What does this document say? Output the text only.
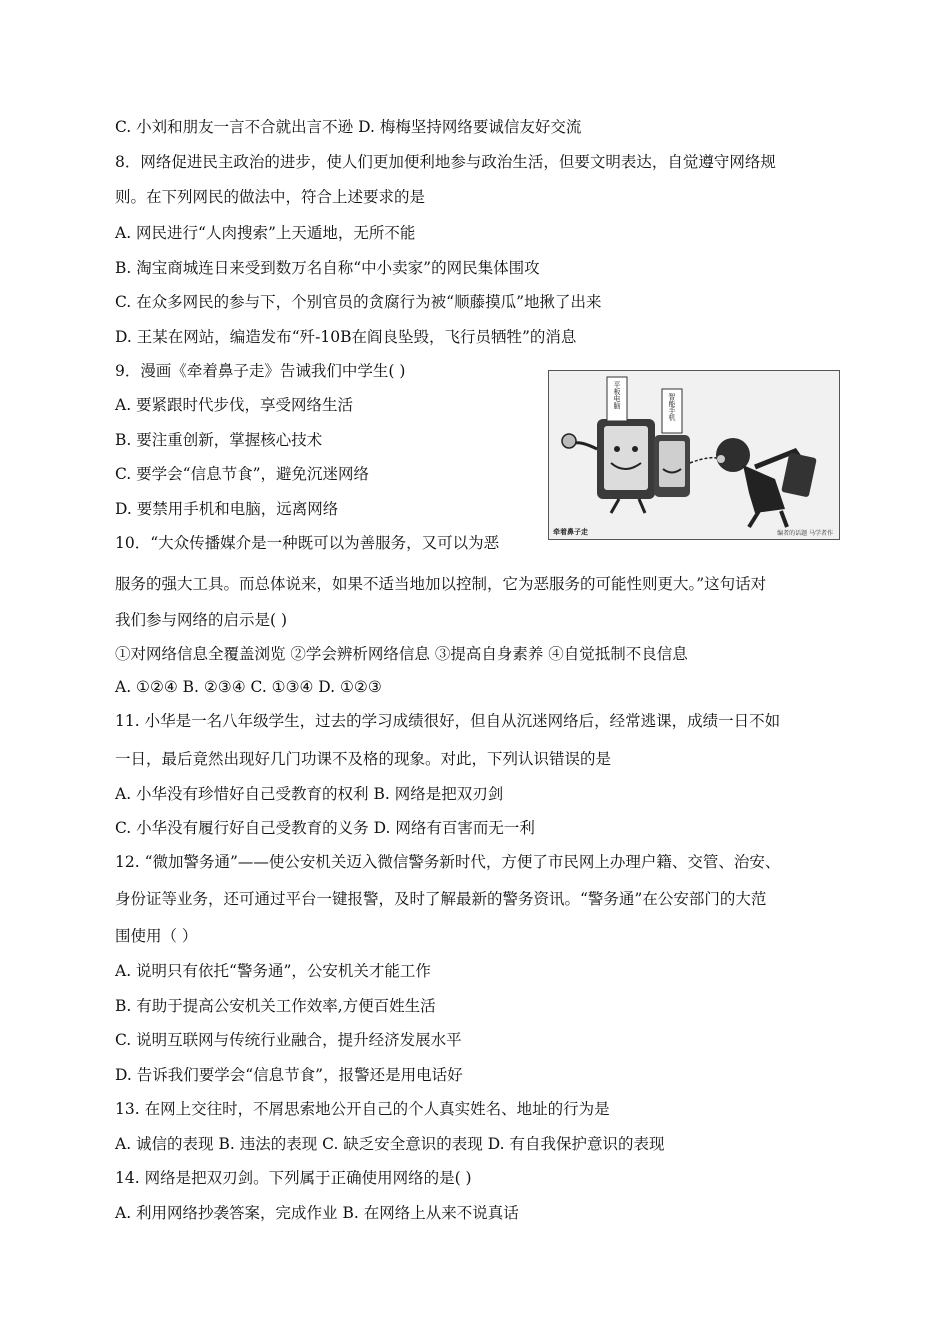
C. 小刘和朋友一言不合就出言不逊 D. 梅梅坚持网络要诚信友好交流
8．网络促进民主政治的进步，使人们更加便利地参与政治生活，但要文明表达，自觉遵守网络规
则。在下列网民的做法中，符合上述要求的是
A. 网民进行“人肉搜索”上天遁地，无所不能
B. 淘宝商城连日来受到数万名自称“中小卖家”的网民集体围攻
C. 在众多网民的参与下，个别官员的贪腐行为被“顺藤摸瓜”地揪了出来
D. 王某在网站，编造发布“歼-10B在阎良坠毁，飞行员牺牲”的消息
9．漫画《牵着鼻子走》告诫我们中学生( )
A. 要紧跟时代步伐，享受网络生活
B. 要注重创新，掌握核心技术
C. 要学会“信息节食”，避免沉迷网络
D. 要禁用手机和电脑，远离网络
10．“大众传播媒介是一种既可以为善服务，又可以为恶
服务的强大工具。而总体说来，如果不适当地加以控制，它为恶服务的可能性则更大。”这句话对
我们参与网络的启示是( )
①对网络信息全覆盖浏览 ②学会辨析网络信息 ③提高自身素养 ④自觉抵制不良信息
A. ①②④ B. ②③④ C. ①③④ D. ①②③
11. 小华是一名八年级学生，过去的学习成绩很好，但自从沉迷网络后，经常逃课，成绩一日不如
一日，最后竟然出现好几门功课不及格的现象。对此，下列认识错误的是
A. 小华没有珍惜好自己受教育的权利 B. 网络是把双刃剑
C. 小华没有履行好自己受教育的义务 D. 网络有百害而无一利
12. “微加警务通”——使公安机关迈入微信警务新时代，方便了市民网上办理户籍、交管、治安、
身份证等业务，还可通过平台一键报警，及时了解最新的警务资讯。“警务通”在公安部门的大范
围使用（ ）
A. 说明只有依托“警务通”，公安机关才能工作
B. 有助于提高公安机关工作效率,方便百姓生活
C. 说明互联网与传统行业融合，提升经济发展水平
D. 告诉我们要学会“信息节食”，报警还是用电话好
13. 在网上交往时，不屑思索地公开自己的个人真实姓名、地址的行为是
A. 诚信的表现 B. 违法的表现 C. 缺乏安全意识的表现 D. 有自我保护意识的表现
14. 网络是把双刃剑。下列属于正确使用网络的是( )
A. 利用网络抄袭答案，完成作业 B. 在网络上从来不说真话
平板电脑	智能手机
牵着鼻子走	编者的话题 马学者作
